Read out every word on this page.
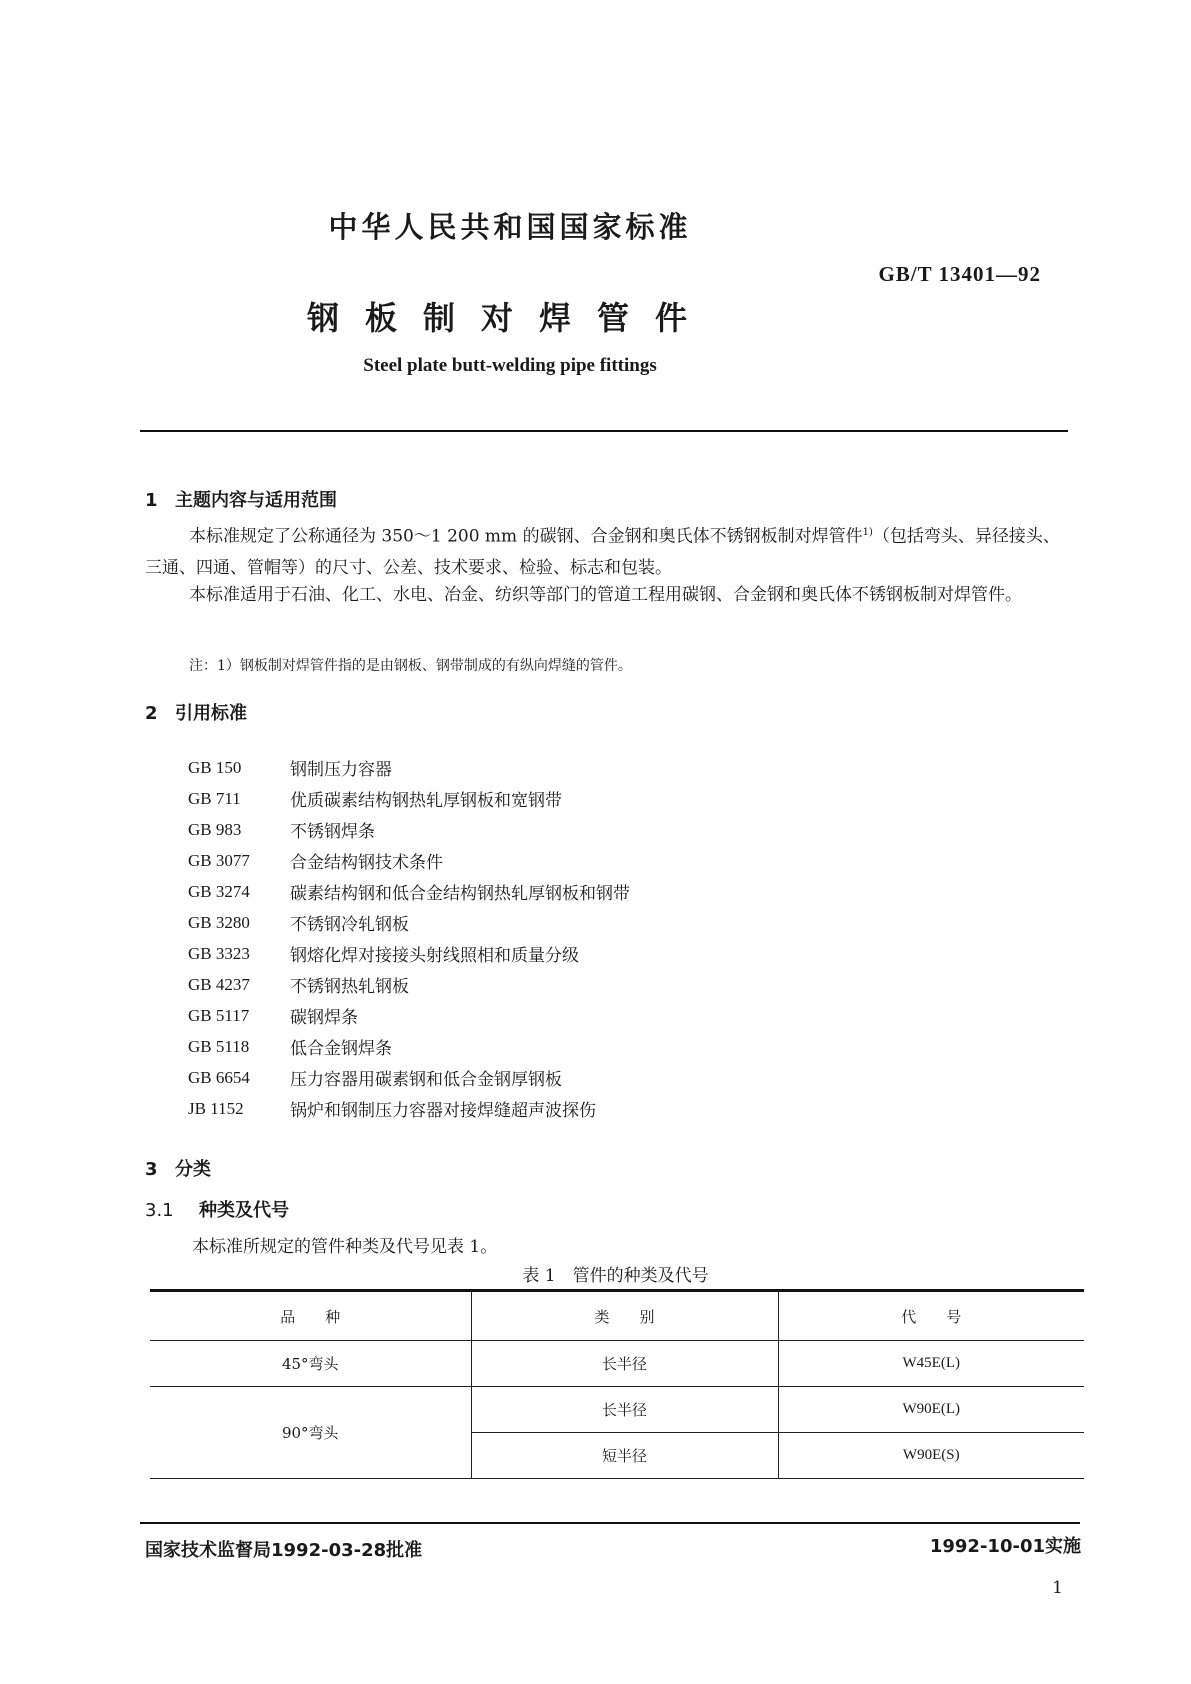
中华人民共和国国家标准
GB/T 13401—92
钢板制对焊管件
Steel plate butt-welding pipe fittings
1 主题内容与适用范围
本标准规定了公称通径为 350～1 200 mm 的碳钢、合金钢和奥氏体不锈钢板制对焊管件$^{1)}$（包括弯头、异径接头、三通、四通、管帽等）的尺寸、公差、技术要求、检验、标志和包装。
本标准适用于石油、化工、水电、冶金、纺织等部门的管道工程用碳钢、合金钢和奥氏体不锈钢板制对焊管件。
注：1）钢板制对焊管件指的是由钢板、钢带制成的有纵向焊缝的管件。
2 引用标准
GB 150	钢制压力容器
GB 711	优质碳素结构钢热轧厚钢板和宽钢带
GB 983	不锈钢焊条
GB 3077	合金结构钢技术条件
GB 3274	碳素结构钢和低合金结构钢热轧厚钢板和钢带
GB 3280	不锈钢冷轧钢板
GB 3323	钢熔化焊对接接头射线照相和质量分级
GB 4237	不锈钢热轧钢板
GB 5117	碳钢焊条
GB 5118	低合金钢焊条
GB 6654	压力容器用碳素钢和低合金钢厚钢板
JB 1152	锅炉和钢制压力容器对接焊缝超声波探伤
3 分类
3.1 种类及代号
本标准所规定的管件种类及代号见表 1。
表 1　管件的种类及代号
品　　种	类　　别	代　　号
45°弯头	长半径	W45E(L)
90°弯头	长半径	W90E(L)
	短半径	W90E(S)
国家技术监督局1992-03-28批准	1992-10-01实施
1
